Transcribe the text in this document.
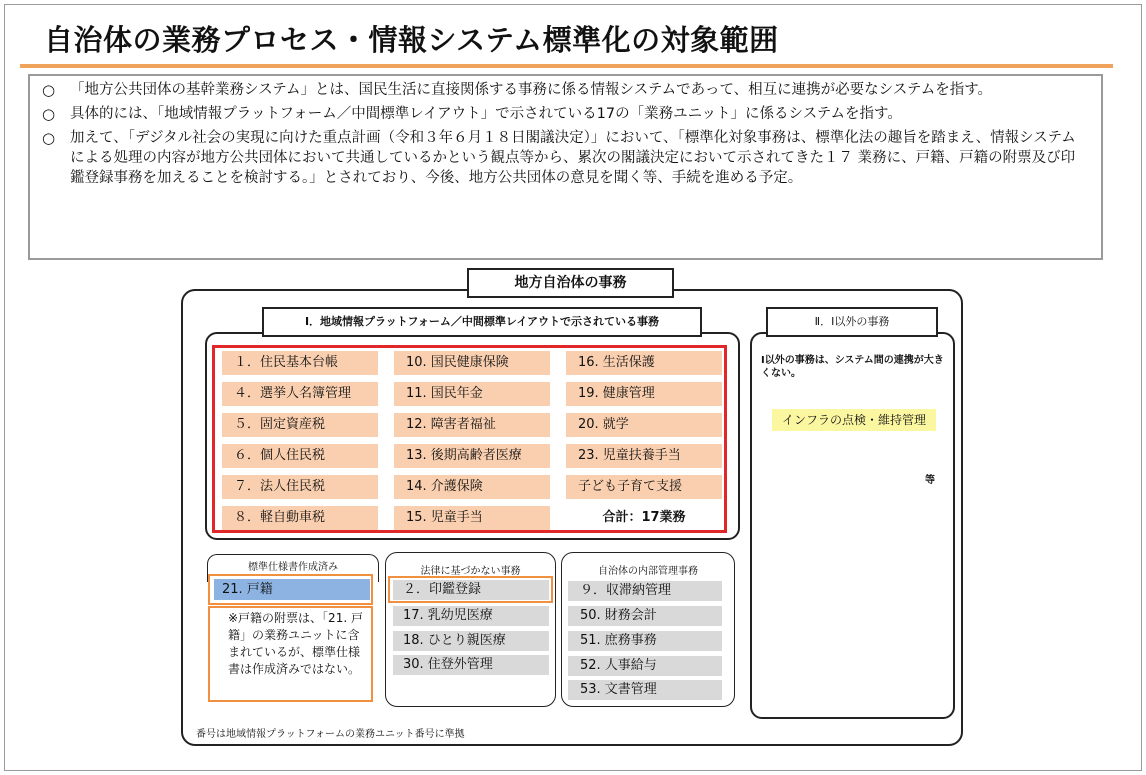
自治体の業務プロセス・情報システム標準化の対象範囲
○	「地方公共団体の基幹業務システム」とは、国民生活に直接関係する事務に係る情報システムであって、相互に連携が必要なシステムを指す。
○	具体的には、「地域情報プラットフォーム／中間標準レイアウト」で示されている17の「業務ユニット」に係るシステムを指す。
○	加えて、「デジタル社会の実現に向けた重点計画（令和３年６月１８日閣議決定）」において、「標準化対象事務は、標準化法の趣旨を踏まえ、情報システムによる処理の内容が地方公共団体において共通しているかという観点等から、累次の閣議決定において示されてきた１７ 業務に、戸籍、戸籍の附票及び印鑑登録事務を加えることを検討する。」とされており、今後、地方公共団体の意見を聞く等、手続を進める予定。
地方自治体の事務
Ⅰ．地域情報プラットフォーム／中間標準レイアウトで示されている事務
１．住民基本台帳	10. 国民健康保険	16. 生活保護
４．選挙人名簿管理	11. 国民年金	19. 健康管理
５．固定資産税	12. 障害者福祉	20. 就学
６．個人住民税	13. 後期高齢者医療	23. 児童扶養手当
７．法人住民税	14. 介護保険	子ども子育て支援
８．軽自動車税	15. 児童手当	合計：17業務
Ⅱ．Ⅰ以外の事務
Ⅰ以外の事務は、システム間の連携が大きくない。
インフラの点検・維持管理
等
標準仕様書作成済み
21. 戸籍
※戸籍の附票は、「21. 戸籍」の業務ユニットに含まれているが、標準仕様書は作成済みではない。
法律に基づかない事務
２．印鑑登録
17. 乳幼児医療
18. ひとり親医療
30. 住登外管理
自治体の内部管理事務
９．収滞納管理
50. 財務会計
51. 庶務事務
52. 人事給与
53. 文書管理
番号は地域情報プラットフォームの業務ユニット番号に準拠
